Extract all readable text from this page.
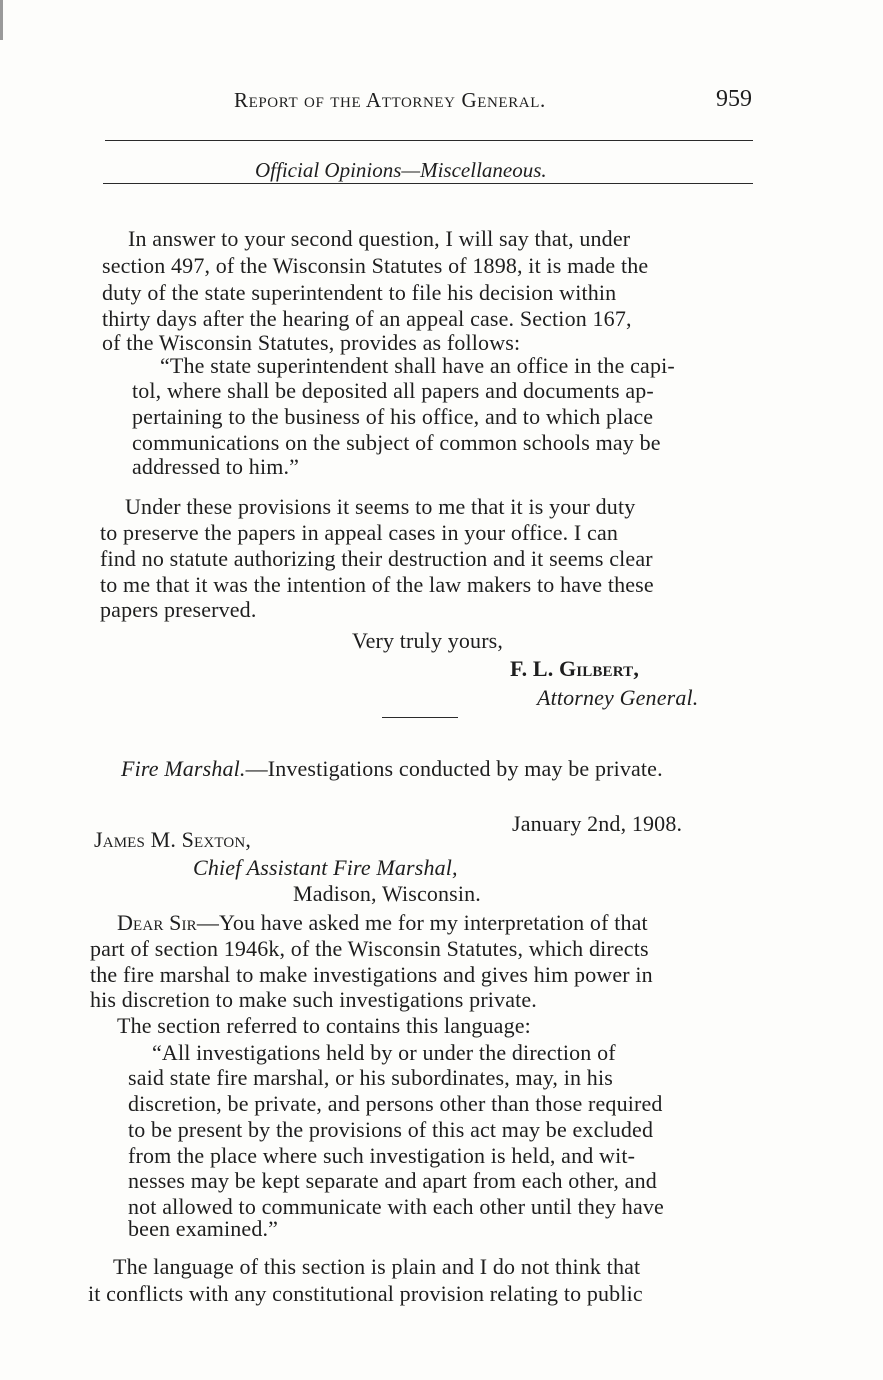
Report of the Attorney General.	959
Official Opinions—Miscellaneous.
In answer to your second question, I will say that, under
section 497, of the Wisconsin Statutes of 1898, it is made the
duty of the state superintendent to file his decision within
thirty days after the hearing of an appeal case. Section 167,
of the Wisconsin Statutes, provides as follows:
“The state superintendent shall have an office in the capi-
tol, where shall be deposited all papers and documents ap-
pertaining to the business of his office, and to which place
communications on the subject of common schools may be
addressed to him.”
Under these provisions it seems to me that it is your duty
to preserve the papers in appeal cases in your office. I can
find no statute authorizing their destruction and it seems clear
to me that it was the intention of the law makers to have these
papers preserved.
Very truly yours,
F. L. Gilbert,
Attorney General.
Fire Marshal.—Investigations conducted by may be private.
January 2nd, 1908.
James M. Sexton,
Chief Assistant Fire Marshal,
Madison, Wisconsin.
Dear Sir—You have asked me for my interpretation of that
part of section 1946k, of the Wisconsin Statutes, which directs
the fire marshal to make investigations and gives him power in
his discretion to make such investigations private.
The section referred to contains this language:
“All investigations held by or under the direction of
said state fire marshal, or his subordinates, may, in his
discretion, be private, and persons other than those required
to be present by the provisions of this act may be excluded
from the place where such investigation is held, and wit-
nesses may be kept separate and apart from each other, and
not allowed to communicate with each other until they have
been examined.”
The language of this section is plain and I do not think that
it conflicts with any constitutional provision relating to public
